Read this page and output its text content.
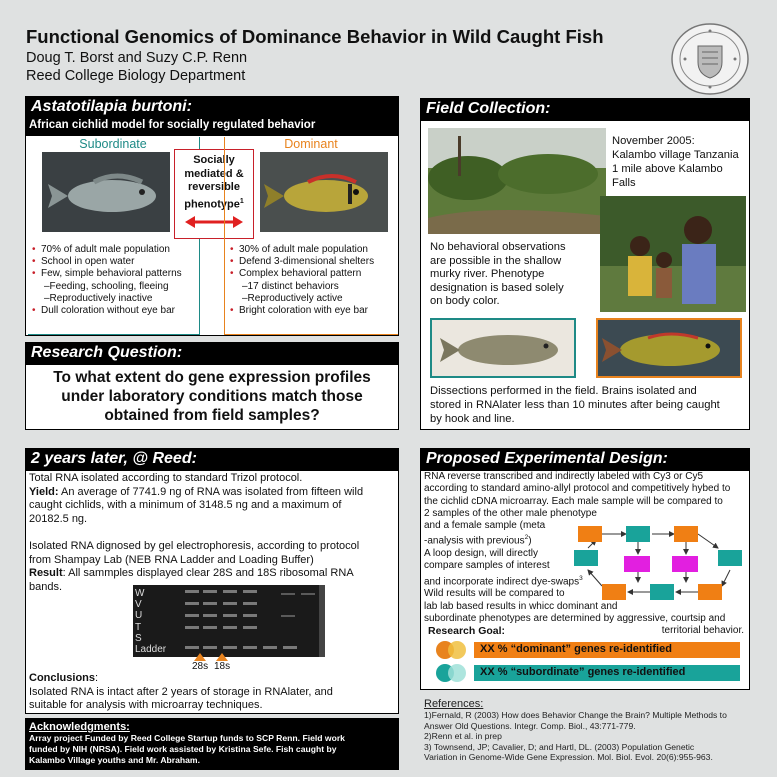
Functional Genomics of Dominance Behavior in Wild Caught Fish
Doug T. Borst and Suzy C.P. Renn
Reed College Biology Department
Astatotilapia burtoni:
African cichlid model for socially regulated behavior
Subordinate
• 70% of adult male population
• School in open water
• Few, simple behavioral patterns
–Feeding, schooling, fleeing
–Reproductively inactive
• Dull coloration without eye bar
Socially
mediated &
reversible
phenotype$^1$
Dominant
• 30% of adult male population
• Defend 3-dimensional shelters
• Complex behavioral pattern
–17 distinct behaviors
–Reproductively active
• Bright coloration with eye bar
Research Question:
To what extent do gene expression profiles
under laboratory conditions match those
obtained from field samples?
Field Collection:
November 2005:
Kalambo village Tanzania
1 mile above Kalambo
Falls
No behavioral observations
are possible in the shallow
murky river. Phenotype
designation is based solely
on body color.
Dissections performed in the field. Brains isolated and
stored in RNAlater less than 10 minutes after being caught
by hook and line.
2 years later, @ Reed:
Total RNA isolated according to standard Trizol protocol.
Yield: An average of 7741.9 ng of RNA was isolated from fifteen wild
caught cichlids, with a minimum of 3148.5 ng and a maximum of
20182.5 ng.
Isolated RNA dignosed by gel electrophoresis, according to protocol
from Shampay Lab (NEB RNA Ladder and Loading Buffer)
Result: All sammples displayed clear 28S and 18S ribosomal RNA
bands.
W
V
U
T
S
Ladder
28s 18s
Conclusions:
Isolated RNA is intact after 2 years of storage in RNAlater, and
suitable for analysis with microarray techniques.
Acknowledgments:
Array project Funded by Reed College Startup funds to SCP Renn. Field work
funded by NIH (NRSA). Field work assisted by Kristina Sefe. Fish caught by
Kalambo Village youths and Mr. Abraham.
Proposed Experimental Design:
RNA reverse transcribed and indirectly labeled with Cy3 or Cy5
according to standard amino-allyl protocol and competitively hybed to
the cichlid cDNA microarray. Each male sample will be compared to
2 samples of the other male phenotype
and a female sample (meta
-analysis with previous$^2$)
A loop design, will directly
compare samples of interest
and incorporate indirect dye-swaps$^3$
Wild results will be compared to
lab lab based results in whicc dominant and
subordinate phenotypes are determined by aggressive, courtsip and
territorial behavior.
Research Goal:
XX % “dominant” genes re-identified
XX % “subordinate” genes re-identified
References:
1)Fernald, R (2003) How does Behavior Change the Brain? Multiple Methods to
Answer Old Questions. Integr. Comp. Biol., 43:771-779.
2)Renn et al. in prep
3) Townsend, JP; Cavalier, D; and Hartl, DL. (2003) Population Genetic
Variation in Genome-Wide Gene Expression. Mol. Biol. Evol. 20(6):955-963.
